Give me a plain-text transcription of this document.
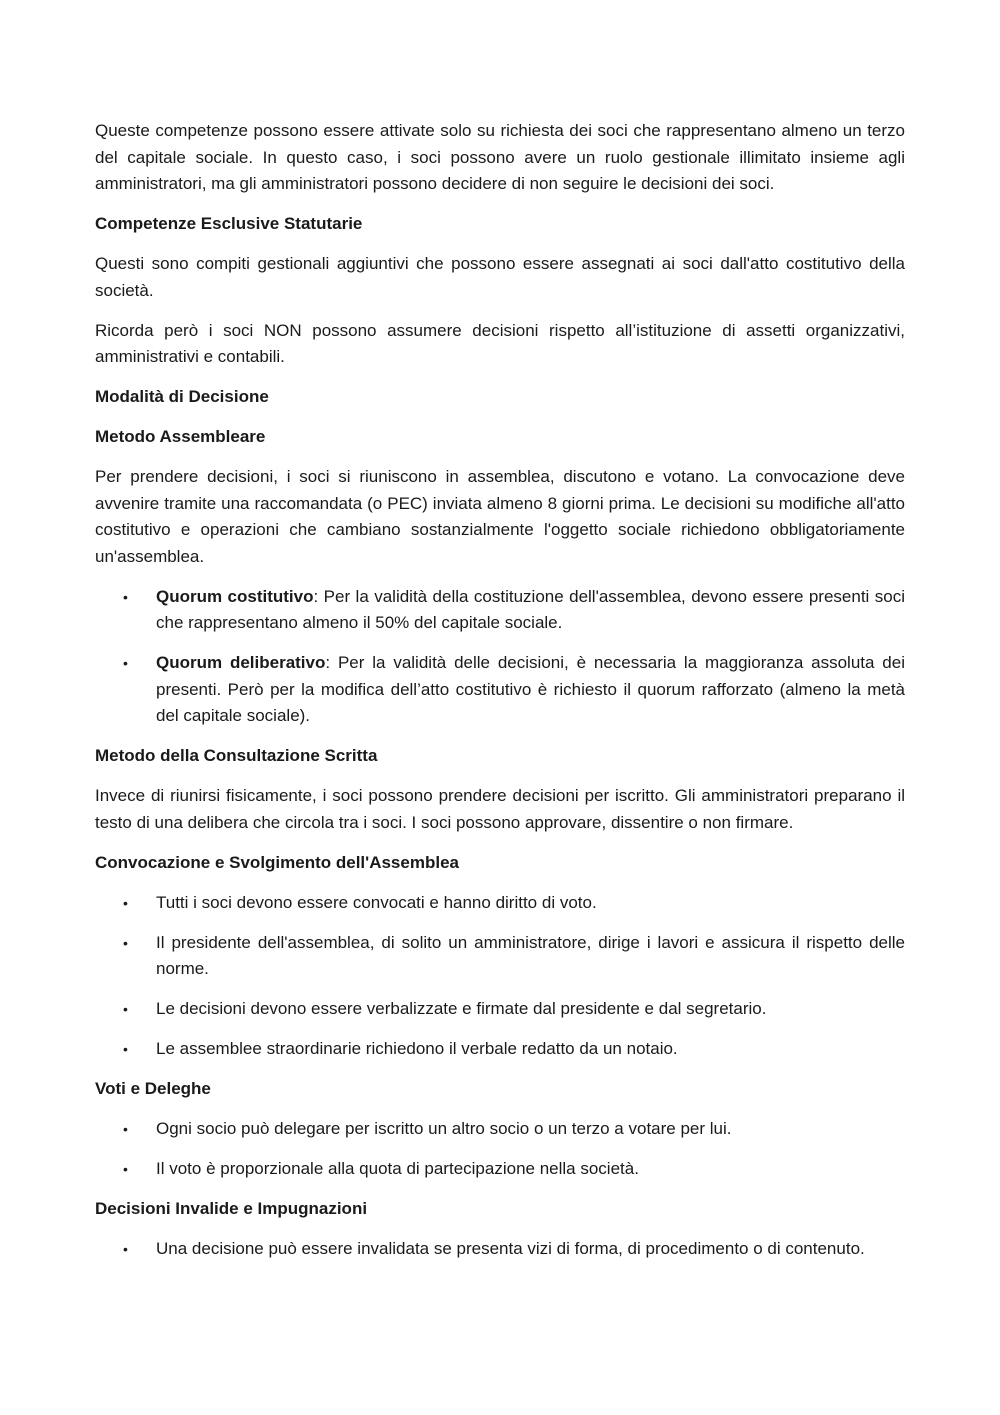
Queste competenze possono essere attivate solo su richiesta dei soci che rappresentano almeno un terzo del capitale sociale. In questo caso, i soci possono avere un ruolo gestionale illimitato insieme agli amministratori, ma gli amministratori possono decidere di non seguire le decisioni dei soci.

Competenze Esclusive Statutarie

Questi sono compiti gestionali aggiuntivi che possono essere assegnati ai soci dall'atto costitutivo della società.

Ricorda però i soci NON possono assumere decisioni rispetto all’istituzione di assetti organizzativi, amministrativi e contabili.

Modalità di Decisione
Metodo Assembleare

Per prendere decisioni, i soci si riuniscono in assemblea, discutono e votano. La convocazione deve avvenire tramite una raccomandata (o PEC) inviata almeno 8 giorni prima. Le decisioni su modifiche all'atto costitutivo e operazioni che cambiano sostanzialmente l'oggetto sociale richiedono obbligatoriamente un'assemblea.

• Quorum costitutivo: Per la validità della costituzione dell'assemblea, devono essere presenti soci che rappresentano almeno il 50% del capitale sociale.
• Quorum deliberativo: Per la validità delle decisioni, è necessaria la maggioranza assoluta dei presenti. Però per la modifica dell’atto costitutivo è richiesto il quorum rafforzato (almeno la metà del capitale sociale).
Metodo della Consultazione Scritta

Invece di riunirsi fisicamente, i soci possono prendere decisioni per iscritto. Gli amministratori preparano il testo di una delibera che circola tra i soci. I soci possono approvare, dissentire o non firmare.

Convocazione e Svolgimento dell'Assemblea
• Tutti i soci devono essere convocati e hanno diritto di voto.
• Il presidente dell'assemblea, di solito un amministratore, dirige i lavori e assicura il rispetto delle norme.
• Le decisioni devono essere verbalizzate e firmate dal presidente e dal segretario.
• Le assemblee straordinarie richiedono il verbale redatto da un notaio.
Voti e Deleghe
• Ogni socio può delegare per iscritto un altro socio o un terzo a votare per lui.
• Il voto è proporzionale alla quota di partecipazione nella società.
Decisioni Invalide e Impugnazioni
• Una decisione può essere invalidata se presenta vizi di forma, di procedimento o di contenuto.
